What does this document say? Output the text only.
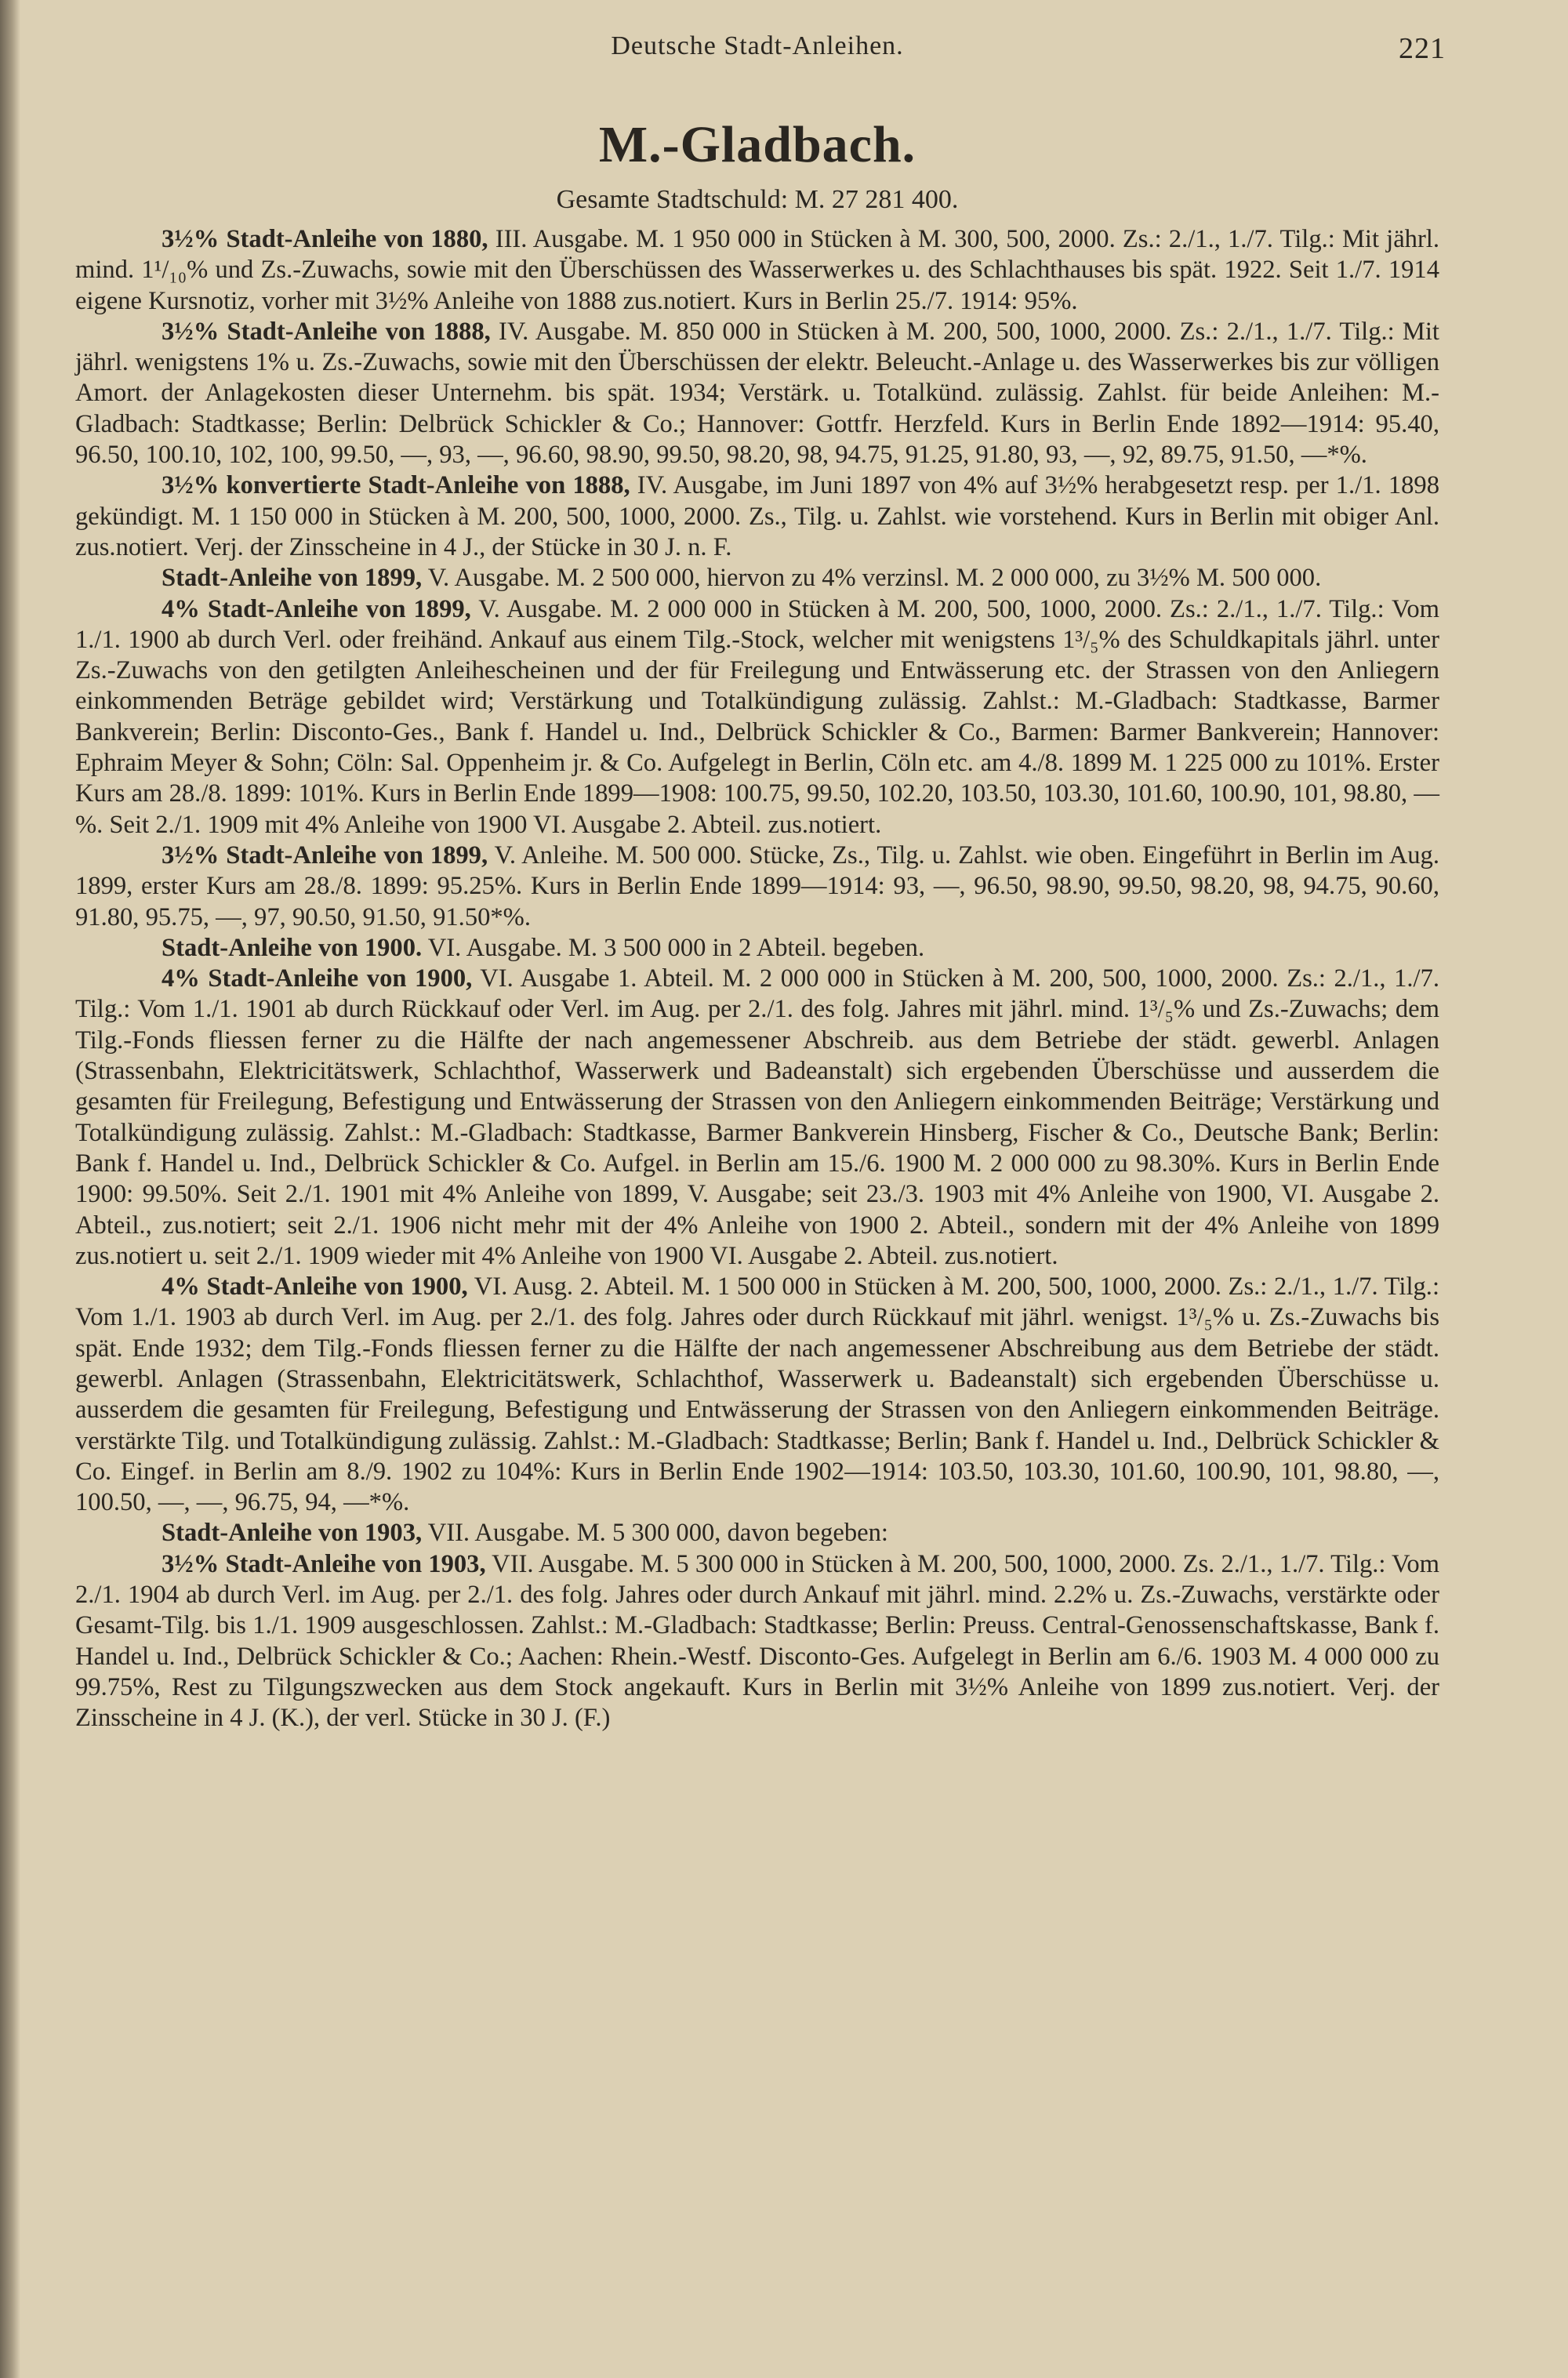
Deutsche Stadt-Anleihen.	221
M.-Gladbach.
Gesamte Stadtschuld: M. 27 281 400.

3½% Stadt-Anleihe von 1880, III. Ausgabe. M. 1 950 000 in Stücken à M. 300, 500, 2000. Zs.: 2./1., 1./7. Tilg.: Mit jährl. mind. 1¹/₁₀% und Zs.-Zuwachs, sowie mit den Überschüssen des Wasserwerkes u. des Schlachthauses bis spät. 1922. Seit 1./7. 1914 eigene Kursnotiz, vorher mit 3½% Anleihe von 1888 zus.notiert. Kurs in Berlin 25./7. 1914: 95%.

3½% Stadt-Anleihe von 1888, IV. Ausgabe. M. 850 000 in Stücken à M. 200, 500, 1000, 2000. Zs.: 2./1., 1./7. Tilg.: Mit jährl. wenigstens 1% u. Zs.-Zuwachs, sowie mit den Überschüssen der elektr. Beleucht.-Anlage u. des Wasserwerkes bis zur völligen Amort. der Anlagekosten dieser Unternehm. bis spät. 1934; Verstärk. u. Totalkünd. zulässig. Zahlst. für beide Anleihen: M.-Gladbach: Stadtkasse; Berlin: Delbrück Schickler & Co.; Hannover: Gottfr. Herzfeld. Kurs in Berlin Ende 1892—1914: 95.40, 96.50, 100.10, 102, 100, 99.50, —, 93, —, 96.60, 98.90, 99.50, 98.20, 98, 94.75, 91.25, 91.80, 93, —, 92, 89.75, 91.50, —*%.

3½% konvertierte Stadt-Anleihe von 1888, IV. Ausgabe, im Juni 1897 von 4% auf 3½% herabgesetzt resp. per 1./1. 1898 gekündigt. M. 1 150 000 in Stücken à M. 200, 500, 1000, 2000. Zs., Tilg. u. Zahlst. wie vorstehend. Kurs in Berlin mit obiger Anl. zus.notiert. Verj. der Zinsscheine in 4 J., der Stücke in 30 J. n. F.

Stadt-Anleihe von 1899, V. Ausgabe. M. 2 500 000, hiervon zu 4% verzinsl. M. 2 000 000, zu 3½% M. 500 000.

4% Stadt-Anleihe von 1899, V. Ausgabe. M. 2 000 000 in Stücken à M. 200, 500, 1000, 2000. Zs.: 2./1., 1./7. Tilg.: Vom 1./1. 1900 ab durch Verl. oder freihänd. Ankauf aus einem Tilg.-Stock, welcher mit wenigstens 1³/₅% des Schuldkapitals jährl. unter Zs.-Zuwachs von den getilgten Anleihescheinen und der für Freilegung und Entwässerung etc. der Strassen von den Anliegern einkommenden Beträge gebildet wird; Verstärkung und Totalkündigung zulässig. Zahlst.: M.-Gladbach: Stadtkasse, Barmer Bankverein; Berlin: Disconto-Ges., Bank f. Handel u. Ind., Delbrück Schickler & Co., Barmen: Barmer Bankverein; Hannover: Ephraim Meyer & Sohn; Cöln: Sal. Oppenheim jr. & Co. Aufgelegt in Berlin, Cöln etc. am 4./8. 1899 M. 1 225 000 zu 101%. Erster Kurs am 28./8. 1899: 101%. Kurs in Berlin Ende 1899—1908: 100.75, 99.50, 102.20, 103.50, 103.30, 101.60, 100.90, 101, 98.80, —%. Seit 2./1. 1909 mit 4% Anleihe von 1900 VI. Ausgabe 2. Abteil. zus.notiert.

3½% Stadt-Anleihe von 1899, V. Anleihe. M. 500 000. Stücke, Zs., Tilg. u. Zahlst. wie oben. Eingeführt in Berlin im Aug. 1899, erster Kurs am 28./8. 1899: 95.25%. Kurs in Berlin Ende 1899—1914: 93, —, 96.50, 98.90, 99.50, 98.20, 98, 94.75, 90.60, 91.80, 95.75, —, 97, 90.50, 91.50, 91.50*%.

Stadt-Anleihe von 1900. VI. Ausgabe. M. 3 500 000 in 2 Abteil. begeben.

4% Stadt-Anleihe von 1900, VI. Ausgabe 1. Abteil. M. 2 000 000 in Stücken à M. 200, 500, 1000, 2000. Zs.: 2./1., 1./7. Tilg.: Vom 1./1. 1901 ab durch Rückkauf oder Verl. im Aug. per 2./1. des folg. Jahres mit jährl. mind. 1³/₅% und Zs.-Zuwachs; dem Tilg.-Fonds fliessen ferner zu die Hälfte der nach angemessener Abschreib. aus dem Betriebe der städt. gewerbl. Anlagen (Strassenbahn, Elektricitätswerk, Schlachthof, Wasserwerk und Badeanstalt) sich ergebenden Überschüsse und ausserdem die gesamten für Freilegung, Befestigung und Entwässerung der Strassen von den Anliegern einkommenden Beiträge; Verstärkung und Totalkündigung zulässig. Zahlst.: M.-Gladbach: Stadtkasse, Barmer Bankverein Hinsberg, Fischer & Co., Deutsche Bank; Berlin: Bank f. Handel u. Ind., Delbrück Schickler & Co. Aufgel. in Berlin am 15./6. 1900 M. 2 000 000 zu 98.30%. Kurs in Berlin Ende 1900: 99.50%. Seit 2./1. 1901 mit 4% Anleihe von 1899, V. Ausgabe; seit 23./3. 1903 mit 4% Anleihe von 1900, VI. Ausgabe 2. Abteil., zus.notiert; seit 2./1. 1906 nicht mehr mit der 4% Anleihe von 1900 2. Abteil., sondern mit der 4% Anleihe von 1899 zus.notiert u. seit 2./1. 1909 wieder mit 4% Anleihe von 1900 VI. Ausgabe 2. Abteil. zus.notiert.

4% Stadt-Anleihe von 1900, VI. Ausg. 2. Abteil. M. 1 500 000 in Stücken à M. 200, 500, 1000, 2000. Zs.: 2./1., 1./7. Tilg.: Vom 1./1. 1903 ab durch Verl. im Aug. per 2./1. des folg. Jahres oder durch Rückkauf mit jährl. wenigst. 1³/₅% u. Zs.-Zuwachs bis spät. Ende 1932; dem Tilg.-Fonds fliessen ferner zu die Hälfte der nach angemessener Abschreibung aus dem Betriebe der städt. gewerbl. Anlagen (Strassenbahn, Elektricitätswerk, Schlachthof, Wasserwerk u. Badeanstalt) sich ergebenden Überschüsse u. ausserdem die gesamten für Freilegung, Befestigung und Entwässerung der Strassen von den Anliegern einkommenden Beiträge. verstärkte Tilg. und Totalkündigung zulässig. Zahlst.: M.-Gladbach: Stadtkasse; Berlin; Bank f. Handel u. Ind., Delbrück Schickler & Co. Eingef. in Berlin am 8./9. 1902 zu 104%: Kurs in Berlin Ende 1902—1914: 103.50, 103.30, 101.60, 100.90, 101, 98.80, —, 100.50, —, —, 96.75, 94, —*%.

Stadt-Anleihe von 1903, VII. Ausgabe. M. 5 300 000, davon begeben:

3½% Stadt-Anleihe von 1903, VII. Ausgabe. M. 5 300 000 in Stücken à M. 200, 500, 1000, 2000. Zs. 2./1., 1./7. Tilg.: Vom 2./1. 1904 ab durch Verl. im Aug. per 2./1. des folg. Jahres oder durch Ankauf mit jährl. mind. 2.2% u. Zs.-Zuwachs, verstärkte oder Gesamt-Tilg. bis 1./1. 1909 ausgeschlossen. Zahlst.: M.-Gladbach: Stadtkasse; Berlin: Preuss. Central-Genossenschaftskasse, Bank f. Handel u. Ind., Delbrück Schickler & Co.; Aachen: Rhein.-Westf. Disconto-Ges. Aufgelegt in Berlin am 6./6. 1903 M. 4 000 000 zu 99.75%, Rest zu Tilgungszwecken aus dem Stock angekauft. Kurs in Berlin mit 3½% Anleihe von 1899 zus.notiert. Verj. der Zinsscheine in 4 J. (K.), der verl. Stücke in 30 J. (F.)
